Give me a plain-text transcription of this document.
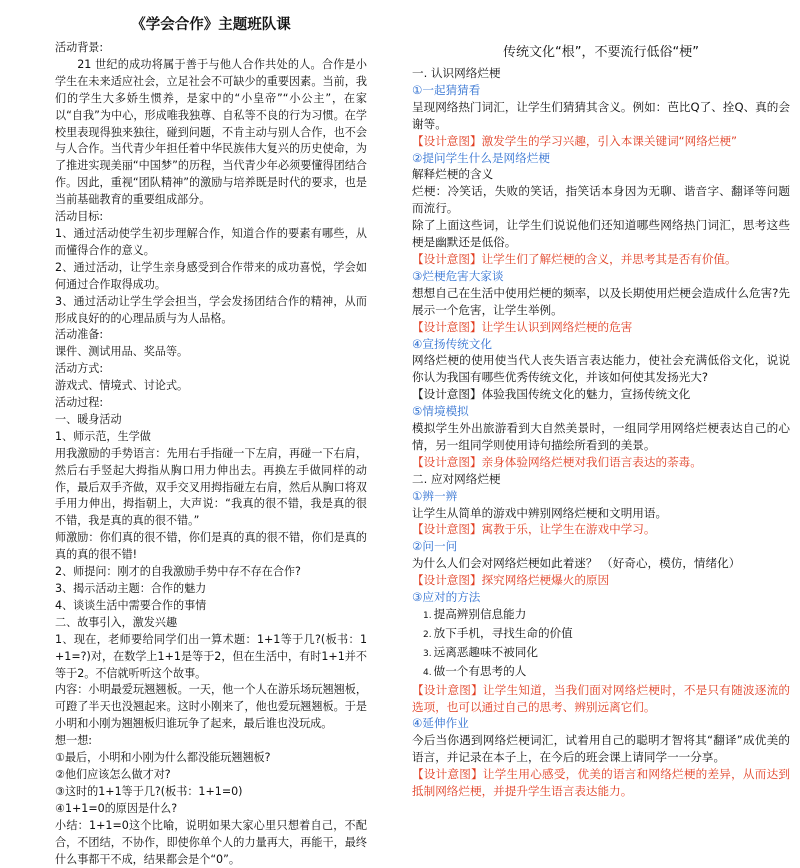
《学会合作》主题班队课

活动背景:

21 世纪的成功将属于善于与他人合作共处的人。合作是小学生在未来适应社会，立足社会不可缺少的重要因素。当前，我们的学生大多娇生惯养，是家中的“小皇帝”“小公主”，在家以“自我”为中心，形成唯我独尊、自私等不良的行为习惯。在学校里表现得独来独往，碰到问题，不肯主动与别人合作，也不会与人合作。当代青少年担任着中华民族伟大复兴的历史使命，为了推进实现美丽“中国梦”的历程，当代青少年必须要懂得团结合作。因此，重视“团队精神”的激励与培养既是时代的要求，也是当前基础教育的重要组成部分。

活动目标:

1、通过活动使学生初步理解合作，知道合作的要素有哪些，从而懂得合作的意义。

2、通过活动，让学生亲身感受到合作带来的成功喜悦，学会如何通过合作取得成功。

3、通过活动让学生学会担当，学会发扬团结合作的精神，从而形成良好的的心理品质与为人品格。

活动准备:

课件、测试用品、奖品等。

活动方式:

游戏式、情境式、讨论式。

活动过程:

一、暖身活动

1、师示范，生学做

用我激励的手势语言：先用右手指碰一下左肩，再碰一下右肩，然后右手竖起大拇指从胸口用力伸出去。再换左手做同样的动作，最后双手齐做，双手交叉用拇指碰左右肩，然后从胸口将双手用力伸出，拇指朝上，大声说：“我真的很不错，我是真的很不错，我是真的真的很不错。”

师激励：你们真的很不错，你们是真的真的很不错，你们是真的真的真的很不错!

2、师提问：刚才的自我激励手势中存不存在合作?

3、揭示活动主题：合作的魅力

4、谈谈生活中需要合作的事情

二、故事引入，激发兴趣

1、现在，老师要给同学们出一算术题：1+1等于几?(板书：1+1=?)对，在数学上1+1是等于2，但在生活中，有时1+1并不等于2。不信就听听这个故事。

内容：小明最爱玩翘翘板。一天，他一个人在游乐场玩翘翘板，可蹬了半天也没翘起来。这时小刚来了，他也爱玩翘翘板。于是小明和小刚为翘翘板归谁玩争了起来，最后谁也没玩成。

想一想:

①最后，小明和小刚为什么都没能玩翘翘板?

②他们应该怎么做才对?

③这时的1+1等于几?(板书：1+1=0)

④1+1=0的原因是什么?

小结：1+1=0这个比喻，说明如果大家心里只想着自己，不配合，不团结，不协作，即使你单个人的力量再大，再能干，最终什么事都干不成，结果都会是个“0”。

传统文化“根”，不要流行低俗“梗”

一. 认识网络烂梗

①一起猜猜看

呈现网络热门词汇，让学生们猜猜其含义。例如：芭比Q了、拴Q、真的会谢等。

【设计意图】激发学生的学习兴趣，引入本课关键词“网络烂梗”

②提问学生什么是网络烂梗

解释烂梗的含义

烂梗：冷笑话，失败的笑话，指笑话本身因为无聊、谐音字、翻译等问题而流行。

除了上面这些词，让学生们说说他们还知道哪些网络热门词汇，思考这些梗是幽默还是低俗。

【设计意图】让学生们了解烂梗的含义，并思考其是否有价值。

③烂梗危害大家谈

想想自己在生活中使用烂梗的频率，以及长期使用烂梗会造成什么危害?先展示一个危害，让学生举例。

【设计意图】让学生认识到网络烂梗的危害

④宣扬传统文化

网络烂梗的使用使当代人丧失语言表达能力，使社会充满低俗文化，说说你认为我国有哪些优秀传统文化，并该如何使其发扬光大?

【设计意图】体验我国传统文化的魅力，宣扬传统文化

⑤情境模拟

模拟学生外出旅游看到大自然美景时，一组同学用网络烂梗表达自己的心情，另一组同学则使用诗句描绘所看到的美景。

【设计意图】亲身体验网络烂梗对我们语言表达的荼毒。

二. 应对网络烂梗

①辨一辨

让学生从简单的游戏中辨别网络烂梗和文明用语。

【设计意图】寓教于乐，让学生在游戏中学习。

②问一问

为什么人们会对网络烂梗如此着迷？ （好奇心，模仿，情绪化）

【设计意图】探究网络烂梗爆火的原因

③应对的方法

1. 提高辨别信息能力
2. 放下手机，寻找生命的价值
3. 远离恶趣味不被同化
4. 做一个有思考的人

【设计意图】让学生知道，当我们面对网络烂梗时，不是只有随波逐流的选项，也可以通过自己的思考、辨别远离它们。

④延伸作业

今后当你遇到网络烂梗词汇，试着用自己的聪明才智将其“翻译”成优美的语言，并记录在本子上，在今后的班会课上请同学一一分享。

【设计意图】让学生用心感受，优美的语言和网络烂梗的差异，从而达到抵制网络烂梗，并提升学生语言表达能力。
